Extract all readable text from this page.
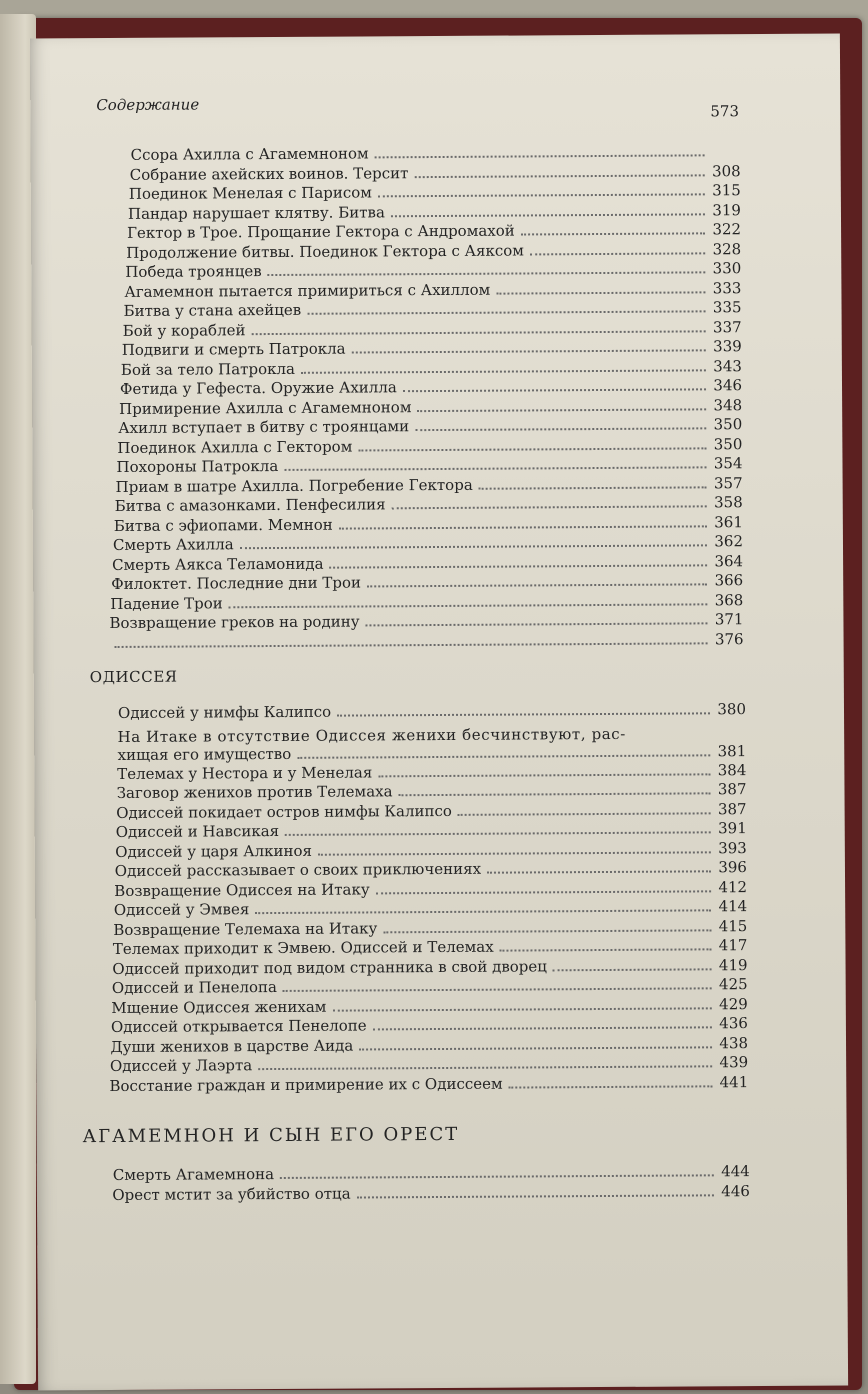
Содержание	573
Ссора Ахилла с Агамемноном
Собрание ахейских воинов. Терсит	308
Поединок Менелая с Парисом	315
Пандар нарушает клятву. Битва	319
Гектор в Трое. Прощание Гектора с Андромахой	322
Продолжение битвы. Поединок Гектора с Аяксом	328
Победа троянцев	330
Агамемнон пытается примириться с Ахиллом	333
Битва у стана ахейцев	335
Бой у кораблей	337
Подвиги и смерть Патрокла	339
Бой за тело Патрокла	343
Фетида у Гефеста. Оружие Ахилла	346
Примирение Ахилла с Агамемноном	348
Ахилл вступает в битву с троянцами	350
Поединок Ахилла с Гектором	350
Похороны Патрокла	354
Приам в шатре Ахилла. Погребение Гектора	357
Битва с амазонками. Пенфесилия	358
Битва с эфиопами. Мемнон	361
Смерть Ахилла	362
Смерть Аякса Теламонида	364
Филоктет. Последние дни Трои	366
Падение Трои	368
Возвращение греков на родину	371
376
ОДИССЕЯ
Одиссей у нимфы Калипсо	380
На Итаке в отсутствие Одиссея женихи бесчинствуют, рас-
хищая его имущество	381
Телемах у Нестора и у Менелая	384
Заговор женихов против Телемаха	387
Одиссей покидает остров нимфы Калипсо	387
Одиссей и Навсикая	391
Одиссей у царя Алкиноя	393
Одиссей рассказывает о своих приключениях	396
Возвращение Одиссея на Итаку	412
Одиссей у Эмвея	414
Возвращение Телемаха на Итаку	415
Телемах приходит к Эмвею. Одиссей и Телемах	417
Одиссей приходит под видом странника в свой дворец	419
Одиссей и Пенелопа	425
Мщение Одиссея женихам	429
Одиссей открывается Пенелопе	436
Души женихов в царстве Аида	438
Одиссей у Лаэрта	439
Восстание граждан и примирение их с Одиссеем	441
АГАМЕМНОН И СЫН ЕГО ОРЕСТ
Смерть Агамемнона	444
Орест мстит за убийство отца	446
